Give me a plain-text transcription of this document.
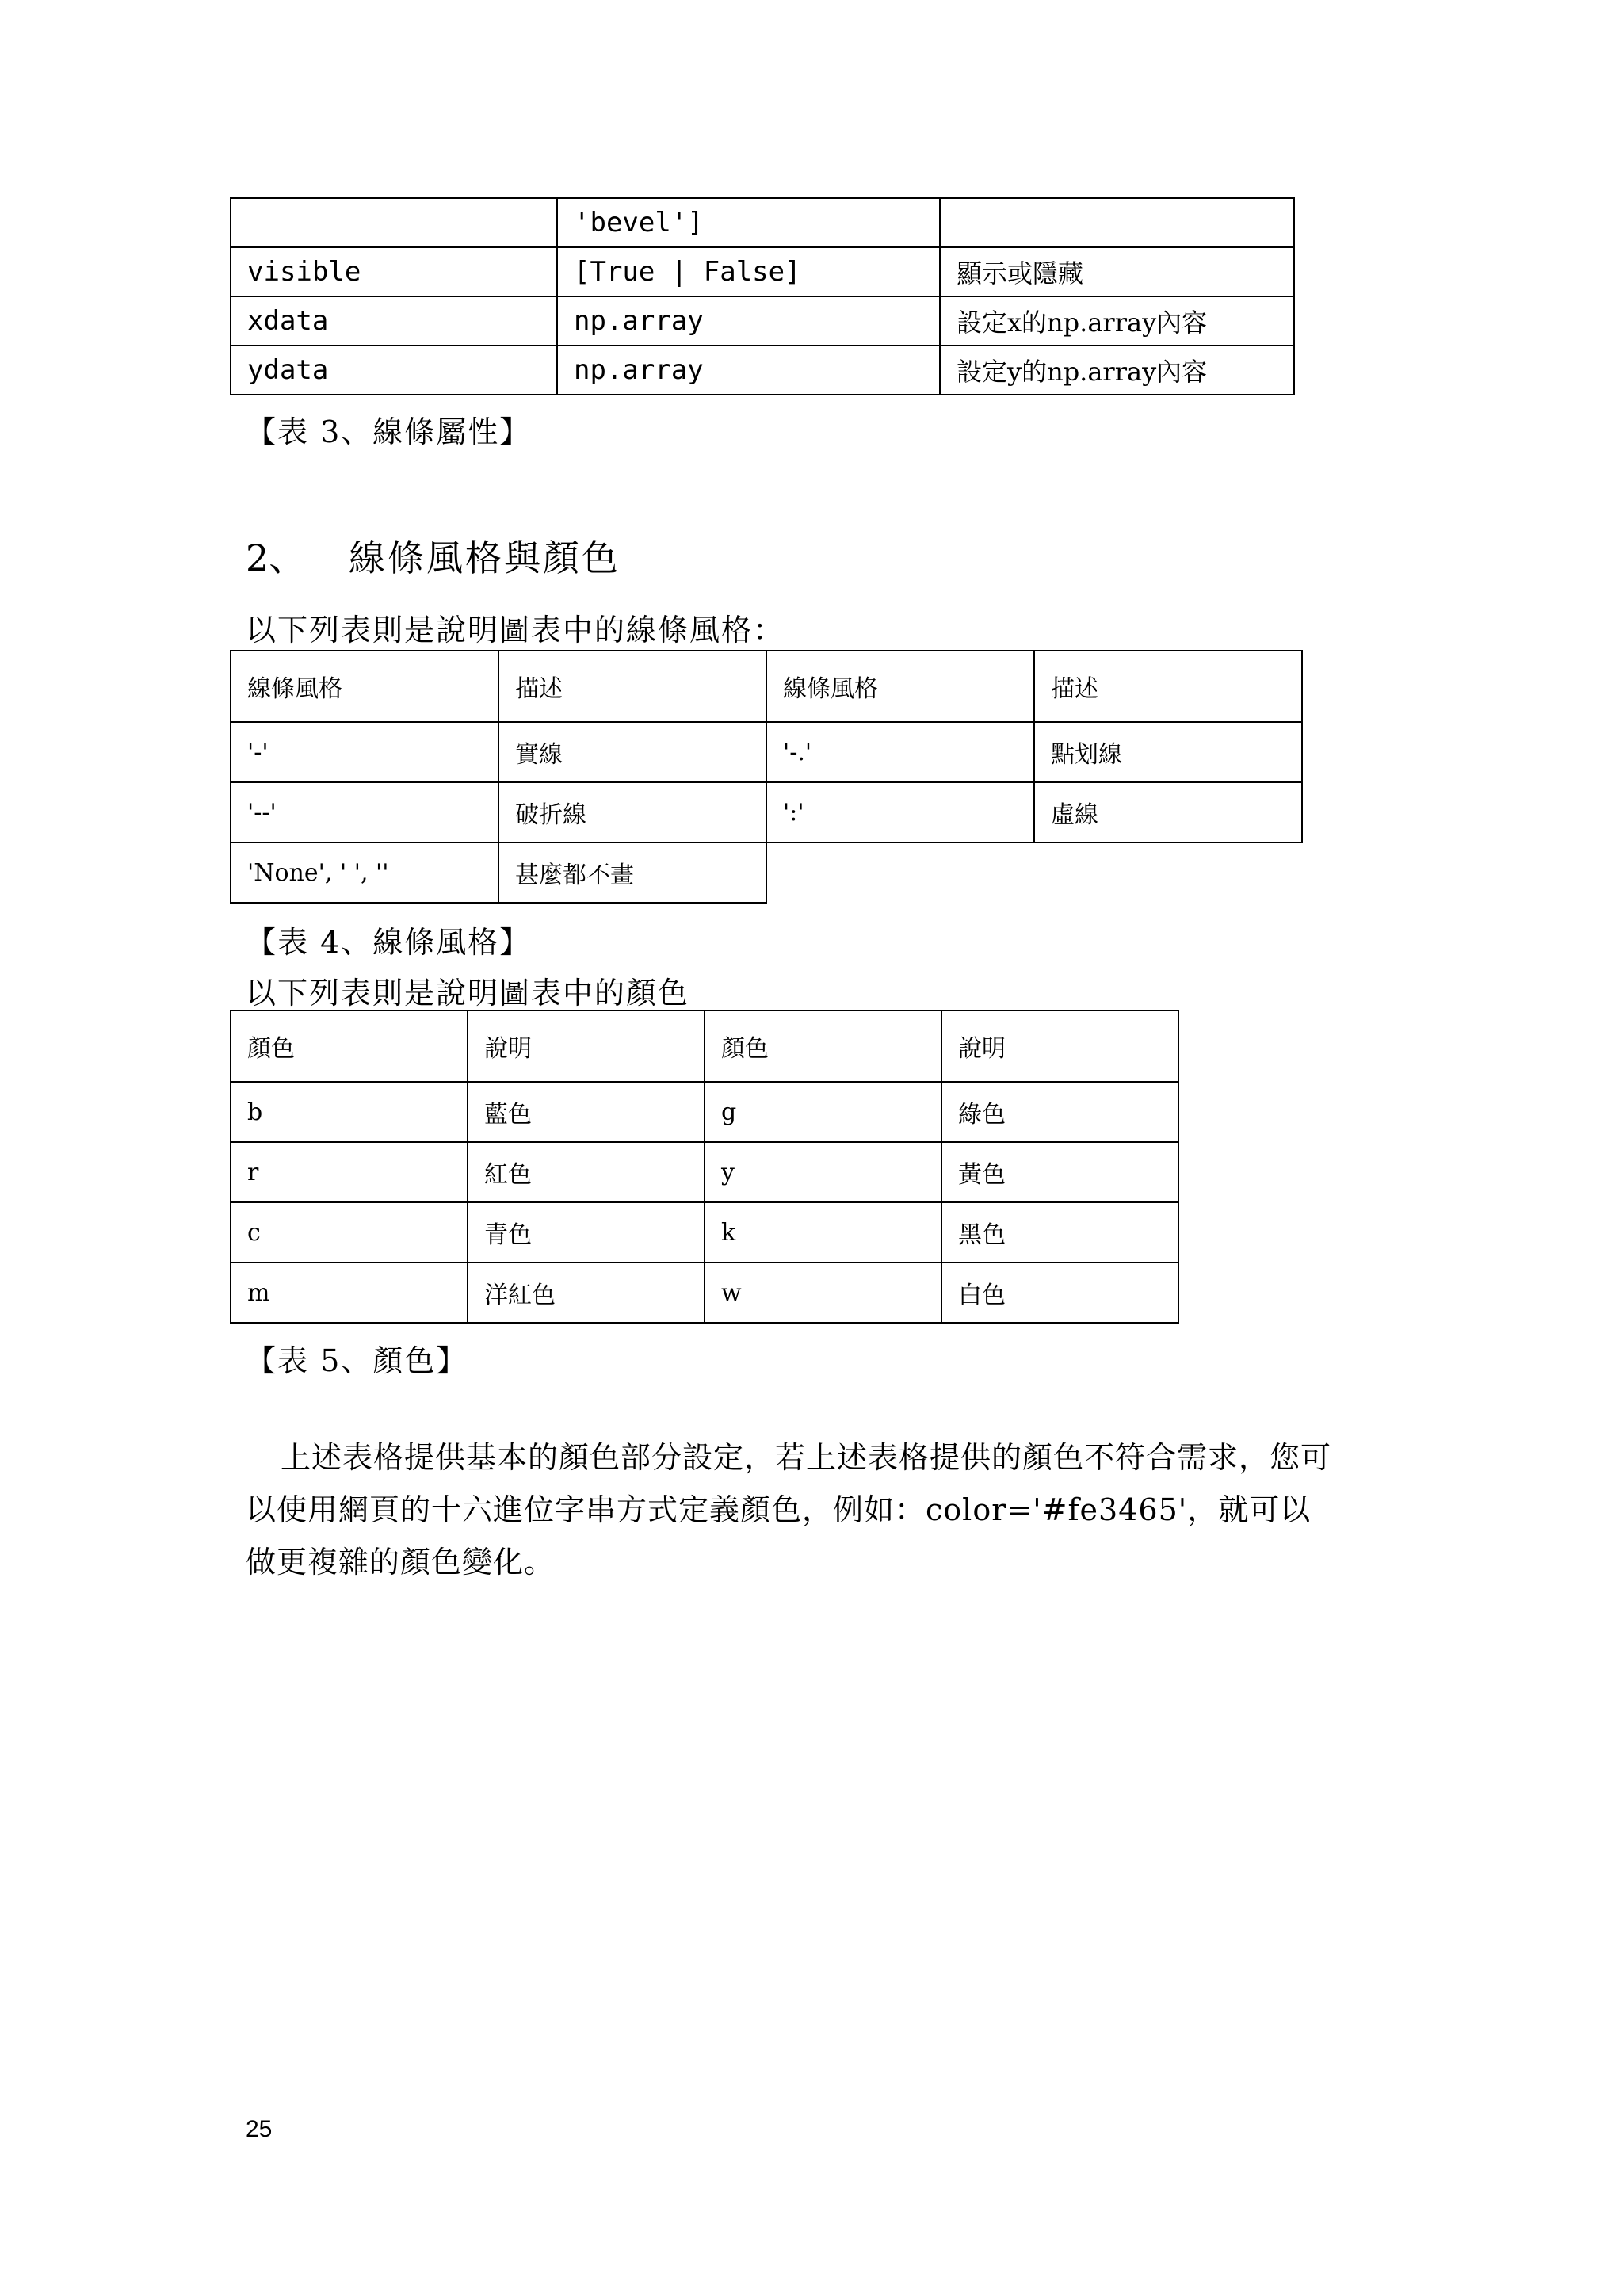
	'bevel']	
visible	[True | False]	顯示或隱藏
xdata	np.array	設定x的np.array內容
ydata	np.array	設定y的np.array內容
【表 3、線條屬性】
2、 線條風格與顏色
以下列表則是說明圖表中的線條風格：
線條風格	描述	線條風格	描述
'-'	實線	'-.'	點划線
'--'	破折線	':'	虛線
'None', ' ', ''	甚麼都不畫		
【表 4、線條風格】
以下列表則是說明圖表中的顏色
顏色	說明	顏色	說明
b	藍色	g	綠色
r	紅色	y	黃色
c	青色	k	黑色
m	洋紅色	w	白色
【表 5、顏色】
上述表格提供基本的顏色部分設定，若上述表格提供的顏色不符合需求，您可
以使用網頁的十六進位字串方式定義顏色，例如：color='#fe3465'，就可以
做更複雜的顏色變化。
25
